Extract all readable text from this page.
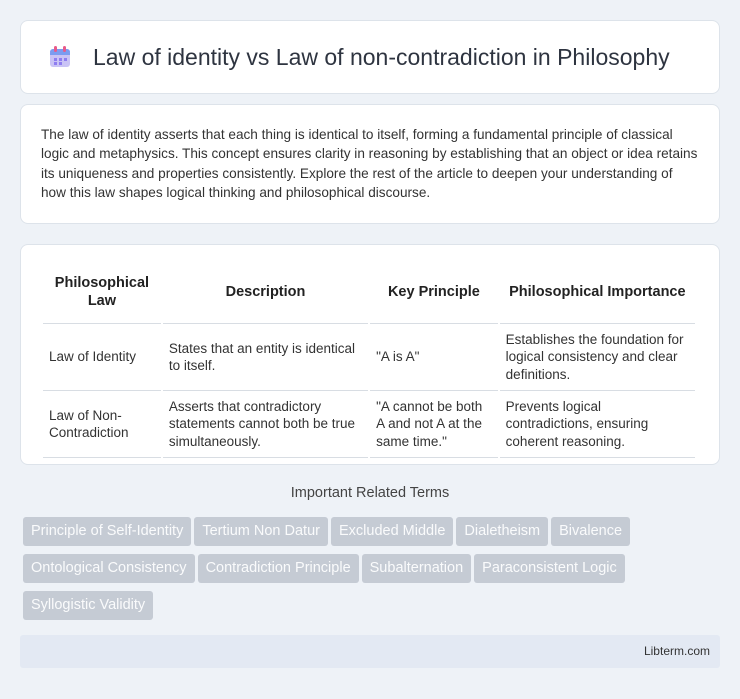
Law of identity vs Law of non-contradiction in Philosophy

The law of identity asserts that each thing is identical to itself, forming a fundamental principle of classical logic and metaphysics. This concept ensures clarity in reasoning by establishing that an object or idea retains its uniqueness and properties consistently. Explore the rest of the article to deepen your understanding of how this law shapes logical thinking and philosophical discourse.

Philosophical Law	Description	Key Principle	Philosophical Importance
Law of Identity	States that an entity is identical to itself.	"A is A"	Establishes the foundation for logical consistency and clear definitions.
Law of Non-Contradiction	Asserts that contradictory statements cannot both be true simultaneously.	"A cannot be both A and not A at the same time."	Prevents logical contradictions, ensuring coherent reasoning.
Important Related Terms
Principle of Self-Identity Tertium Non Datur Excluded Middle Dialetheism Bivalence
Ontological Consistency Contradiction Principle Subalternation Paraconsistent Logic
Syllogistic Validity
Libterm.com
